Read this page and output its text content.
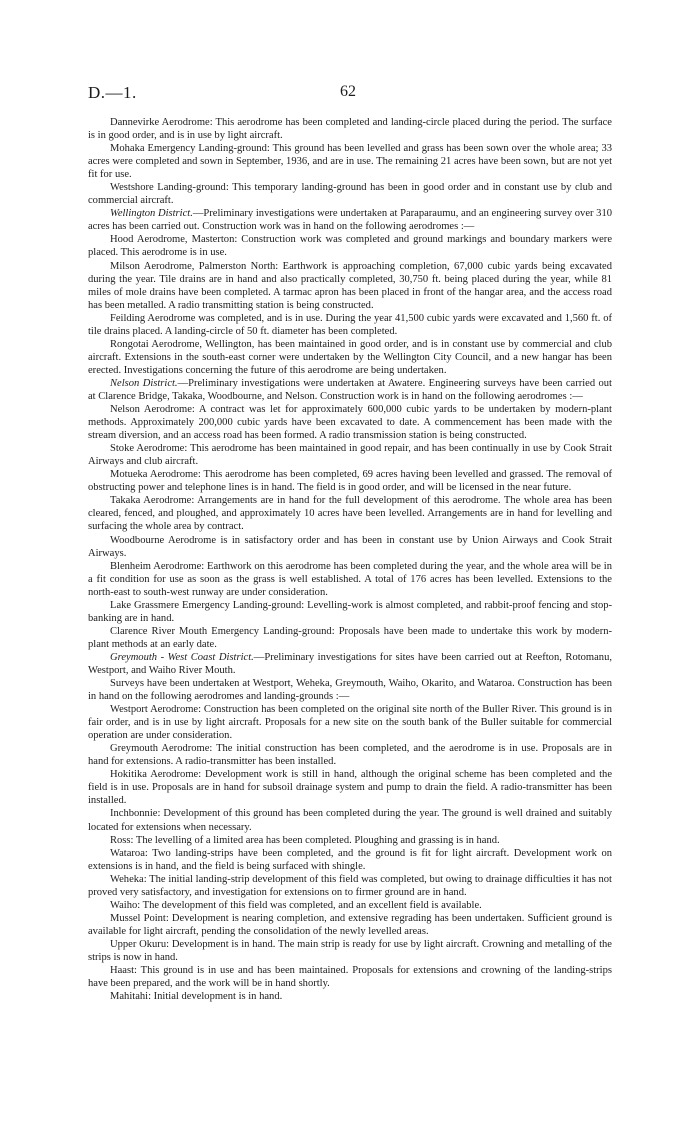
D.—1.	62

Dannevirke Aerodrome: This aerodrome has been completed and landing-circle placed during the period. The surface is in good order, and is in use by light aircraft.

Mohaka Emergency Landing-ground: This ground has been levelled and grass has been sown over the whole area; 33 acres were completed and sown in September, 1936, and are in use. The remaining 21 acres have been sown, but are not yet fit for use.

Westshore Landing-ground: This temporary landing-ground has been in good order and in constant use by club and commercial aircraft.

Wellington District.—Preliminary investigations were undertaken at Paraparaumu, and an engineering survey over 310 acres has been carried out. Construction work was in hand on the following aerodromes :—

Hood Aerodrome, Masterton: Construction work was completed and ground markings and boundary markers were placed. This aerodrome is in use.

Milson Aerodrome, Palmerston North: Earthwork is approaching completion, 67,000 cubic yards being excavated during the year. Tile drains are in hand and also practically completed, 30,750 ft. being placed during the year, while 81 miles of mole drains have been completed. A tarmac apron has been placed in front of the hangar area, and the access road has been metalled. A radio transmitting station is being constructed.

Feilding Aerodrome was completed, and is in use. During the year 41,500 cubic yards were excavated and 1,560 ft. of tile drains placed. A landing-circle of 50 ft. diameter has been completed.

Rongotai Aerodrome, Wellington, has been maintained in good order, and is in constant use by commercial and club aircraft. Extensions in the south-east corner were undertaken by the Wellington City Council, and a new hangar has been erected. Investigations concerning the future of this aerodrome are being undertaken.

Nelson District.—Preliminary investigations were undertaken at Awatere. Engineering surveys have been carried out at Clarence Bridge, Takaka, Woodbourne, and Nelson. Construction work is in hand on the following aerodromes :—

Nelson Aerodrome: A contract was let for approximately 600,000 cubic yards to be undertaken by modern-plant methods. Approximately 200,000 cubic yards have been excavated to date. A commencement has been made with the stream diversion, and an access road has been formed. A radio transmission station is being constructed.

Stoke Aerodrome: This aerodrome has been maintained in good repair, and has been continually in use by Cook Strait Airways and club aircraft.

Motueka Aerodrome: This aerodrome has been completed, 69 acres having been levelled and grassed. The removal of obstructing power and telephone lines is in hand. The field is in good order, and will be licensed in the near future.

Takaka Aerodrome: Arrangements are in hand for the full development of this aerodrome. The whole area has been cleared, fenced, and ploughed, and approximately 10 acres have been levelled. Arrangements are in hand for levelling and surfacing the whole area by contract.

Woodbourne Aerodrome is in satisfactory order and has been in constant use by Union Airways and Cook Strait Airways.

Blenheim Aerodrome: Earthwork on this aerodrome has been completed during the year, and the whole area will be in a fit condition for use as soon as the grass is well established. A total of 176 acres has been levelled. Extensions to the north-east to south-west runway are under consideration.

Lake Grassmere Emergency Landing-ground: Levelling-work is almost completed, and rabbit-proof fencing and stop-banking are in hand.

Clarence River Mouth Emergency Landing-ground: Proposals have been made to undertake this work by modern-plant methods at an early date.

Greymouth - West Coast District.—Preliminary investigations for sites have been carried out at Reefton, Rotomanu, Westport, and Waiho River Mouth.

Surveys have been undertaken at Westport, Weheka, Greymouth, Waiho, Okarito, and Wataroa. Construction has been in hand on the following aerodromes and landing-grounds :—

Westport Aerodrome: Construction has been completed on the original site north of the Buller River. This ground is in fair order, and is in use by light aircraft. Proposals for a new site on the south bank of the Buller suitable for commercial operation are under consideration.

Greymouth Aerodrome: The initial construction has been completed, and the aerodrome is in use. Proposals are in hand for extensions. A radio-transmitter has been installed.

Hokitika Aerodrome: Development work is still in hand, although the original scheme has been completed and the field is in use. Proposals are in hand for subsoil drainage system and pump to drain the field. A radio-transmitter has been installed.

Inchbonnie: Development of this ground has been completed during the year. The ground is well drained and suitably located for extensions when necessary.

Ross: The levelling of a limited area has been completed. Ploughing and grassing is in hand.

Wataroa: Two landing-strips have been completed, and the ground is fit for light aircraft. Development work on extensions is in hand, and the field is being surfaced with shingle.

Weheka: The initial landing-strip development of this field was completed, but owing to drainage difficulties it has not proved very satisfactory, and investigation for extensions on to firmer ground are in hand.

Waiho: The development of this field was completed, and an excellent field is available.

Mussel Point: Development is nearing completion, and extensive regrading has been undertaken. Sufficient ground is available for light aircraft, pending the consolidation of the newly levelled areas.

Upper Okuru: Development is in hand. The main strip is ready for use by light aircraft. Crowning and metalling of the strips is now in hand.

Haast: This ground is in use and has been maintained. Proposals for extensions and crowning of the landing-strips have been prepared, and the work will be in hand shortly.

Mahitahi: Initial development is in hand.
